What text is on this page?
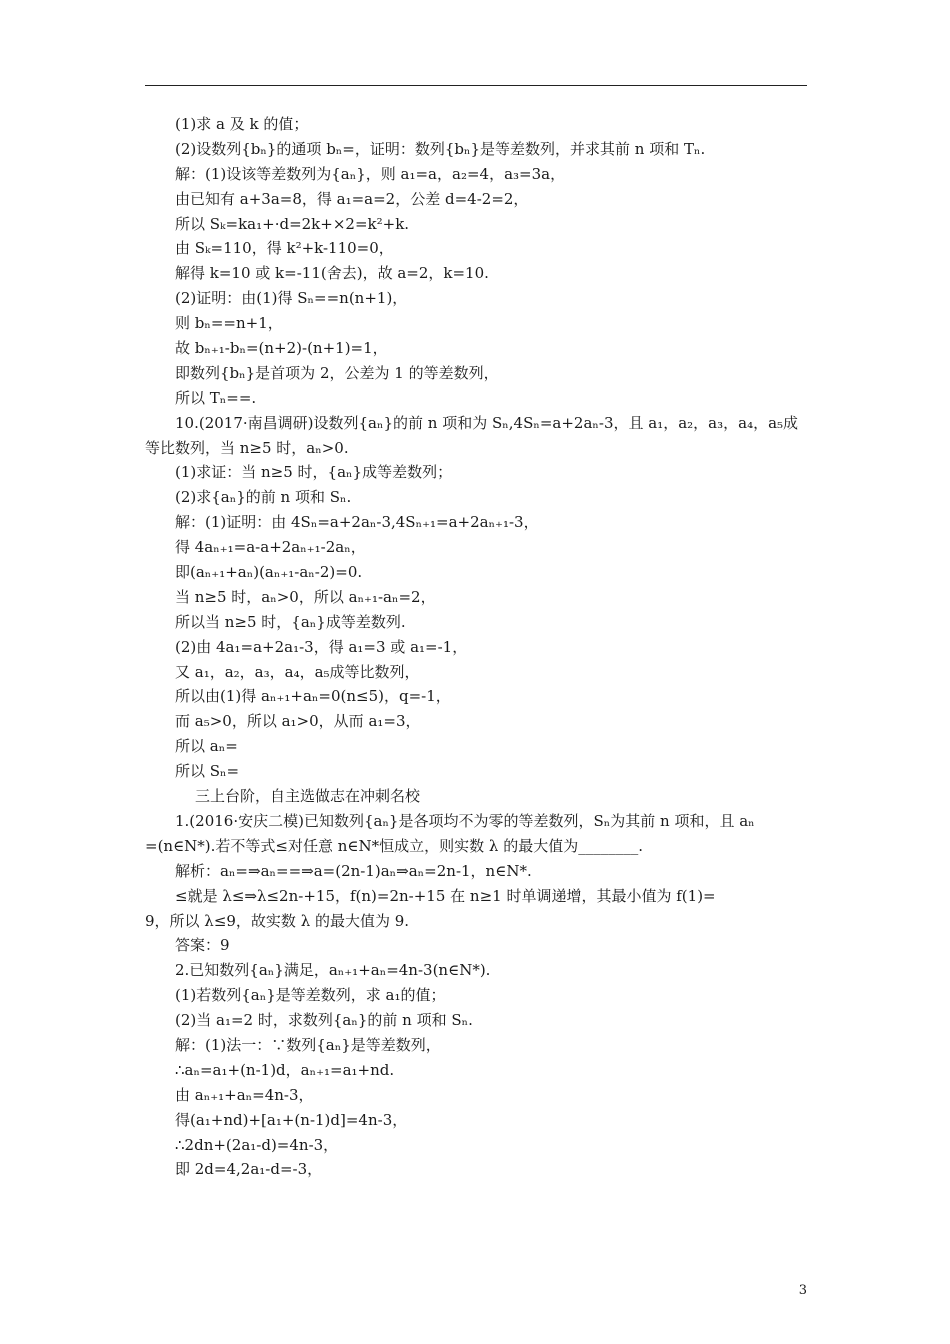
(1)求 a 及 k 的值；
(2)设数列{bₙ}的通项 bₙ=，证明：数列{bₙ}是等差数列，并求其前 n 项和 Tₙ.
解：(1)设该等差数列为{aₙ}，则 a₁=a，a₂=4，a₃=3a，
由已知有 a+3a=8，得 a₁=a=2，公差 d=4-2=2，
所以 Sₖ=ka₁+·d=2k+×2=k²+k.
由 Sₖ=110，得 k²+k-110=0，
解得 k=10 或 k=-11(舍去)，故 a=2，k=10.
(2)证明：由(1)得 Sₙ==n(n+1)，
则 bₙ==n+1，
故 bₙ₊₁-bₙ=(n+2)-(n+1)=1，
即数列{bₙ}是首项为 2，公差为 1 的等差数列，
所以 Tₙ==.
10.(2017·南昌调研)设数列{aₙ}的前 n 项和为 Sₙ,4Sₙ=a+2aₙ-3，且 a₁，a₂，a₃，a₄，a₅成
等比数列，当 n≥5 时，aₙ>0.
(1)求证：当 n≥5 时，{aₙ}成等差数列；
(2)求{aₙ}的前 n 项和 Sₙ.
解：(1)证明：由 4Sₙ=a+2aₙ-3,4Sₙ₊₁=a+2aₙ₊₁-3，
得 4aₙ₊₁=a-a+2aₙ₊₁-2aₙ，
即(aₙ₊₁+aₙ)(aₙ₊₁-aₙ-2)=0.
当 n≥5 时，aₙ>0，所以 aₙ₊₁-aₙ=2，
所以当 n≥5 时，{aₙ}成等差数列.
(2)由 4a₁=a+2a₁-3，得 a₁=3 或 a₁=-1，
又 a₁，a₂，a₃，a₄，a₅成等比数列，
所以由(1)得 aₙ₊₁+aₙ=0(n≤5)，q=-1，
而 a₅>0，所以 a₁>0，从而 a₁=3，
所以 aₙ=
所以 Sₙ=
三上台阶，自主选做志在冲刺名校
1.(2016·安庆二模)已知数列{aₙ}是各项均不为零的等差数列，Sₙ为其前 n 项和，且 aₙ
=(n∈N*).若不等式≤对任意 n∈N*恒成立，则实数 λ 的最大值为________.
解析：aₙ=⇒aₙ==⇒a=(2n-1)aₙ⇒aₙ=2n-1，n∈N*.
≤就是 λ≤⇒λ≤2n-+15，f(n)=2n-+15 在 n≥1 时单调递增，其最小值为 f(1)=
9，所以 λ≤9，故实数 λ 的最大值为 9.
答案：9
2.已知数列{aₙ}满足，aₙ₊₁+aₙ=4n-3(n∈N*).
(1)若数列{aₙ}是等差数列，求 a₁的值；
(2)当 a₁=2 时，求数列{aₙ}的前 n 项和 Sₙ.
解：(1)法一：∵数列{aₙ}是等差数列，
∴aₙ=a₁+(n-1)d，aₙ₊₁=a₁+nd.
由 aₙ₊₁+aₙ=4n-3，
得(a₁+nd)+[a₁+(n-1)d]=4n-3，
∴2dn+(2a₁-d)=4n-3，
即 2d=4,2a₁-d=-3，
3
